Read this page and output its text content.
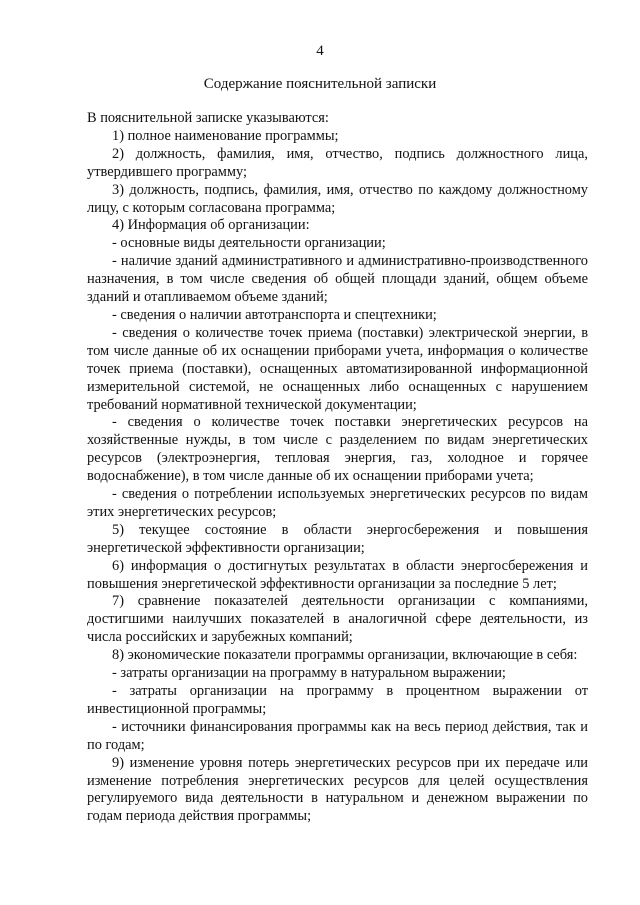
4
Содержание пояснительной записки

В пояснительной записке указываются:

1) полное наименование программы;

2) должность, фамилия, имя, отчество, подпись должностного лица, утвердившего программу;

3) должность, подпись, фамилия, имя, отчество по каждому должностному лицу, с которым согласована программа;

4) Информация об организации:

- основные виды деятельности организации;

- наличие зданий административного и административно-производственного назначения, в том числе сведения об общей площади зданий, общем объеме зданий и отапливаемом объеме зданий;

- сведения о наличии автотранспорта и спецтехники;

- сведения о количестве точек приема (поставки) электрической энергии, в том числе данные об их оснащении приборами учета, информация о количестве точек приема (поставки), оснащенных автоматизированной информационной измерительной системой, не оснащенных либо оснащенных с нарушением требований нормативной технической документации;

- сведения о количестве точек поставки энергетических ресурсов на хозяйственные нужды, в том числе с разделением по видам энергетических ресурсов (электроэнергия, тепловая энергия, газ, холодное и горячее водоснабжение), в том числе данные об их оснащении приборами учета;

- сведения о потреблении используемых энергетических ресурсов по видам этих энергетических ресурсов;

5) текущее состояние в области энергосбережения и повышения энергетической эффективности организации;

6) информация о достигнутых результатах в области энергосбережения и повышения энергетической эффективности организации за последние 5 лет;

7) сравнение показателей деятельности организации с компаниями, достигшими наилучших показателей в аналогичной сфере деятельности, из числа российских и зарубежных компаний;

8) экономические показатели программы организации, включающие в себя:

- затраты организации на программу в натуральном выражении;

- затраты организации на программу в процентном выражении от инвестиционной программы;

- источники финансирования программы как на весь период действия, так и по годам;

9) изменение уровня потерь энергетических ресурсов при их передаче или изменение потребления энергетических ресурсов для целей осуществления регулируемого вида деятельности в натуральном и денежном выражении по годам периода действия программы;
